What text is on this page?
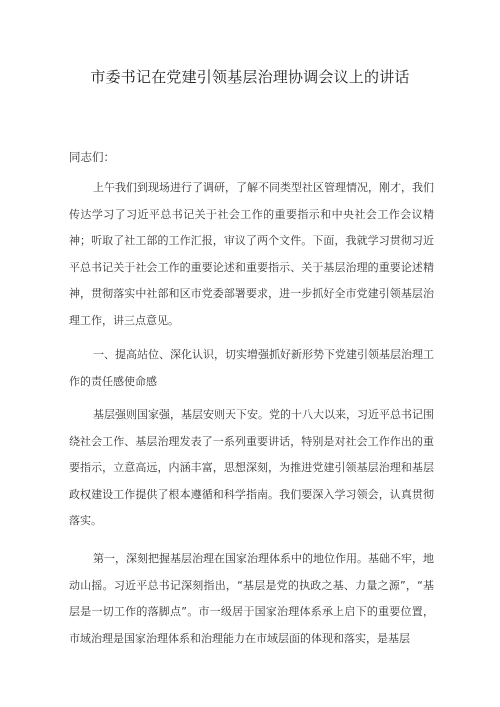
市委书记在党建引领基层治理协调会议上的讲话
同志们：

上午我们到现场进行了调研，了解不同类型社区管理情况，刚才，我们传达学习了习近平总书记关于社会工作的重要指示和中央社会工作会议精神；听取了社工部的工作汇报，审议了两个文件。下面，我就学习贯彻习近平总书记关于社会工作的重要论述和重要指示、关于基层治理的重要论述精神，贯彻落实中社部和区市党委部署要求，进一步抓好全市党建引领基层治理工作，讲三点意见。

一、提高站位、深化认识，切实增强抓好新形势下党建引领基层治理工作的责任感使命感

基层强则国家强，基层安则天下安。党的十八大以来，习近平总书记围绕社会工作、基层治理发表了一系列重要讲话，特别是对社会工作作出的重要指示，立意高远，内涵丰富，思想深刻，为推进党建引领基层治理和基层政权建设工作提供了根本遵循和科学指南。我们要深入学习领会，认真贯彻落实。

第一，深刻把握基层治理在国家治理体系中的地位作用。基础不牢，地动山摇。习近平总书记深刻指出，“基层是党的执政之基、力量之源”，“基层是一切工作的落脚点”。市一级居于国家治理体系承上启下的重要位置，市域治理是国家治理体系和治理能力在市域层面的体现和落实，是基层
